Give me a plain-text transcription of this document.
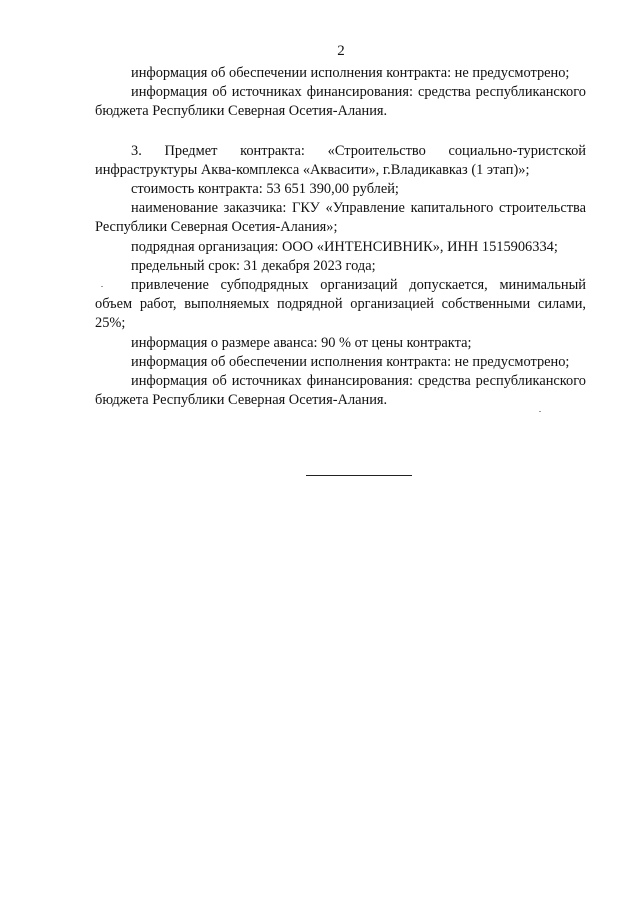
2

информация об обеспечении исполнения контракта: не предусмотрено;

информация об источниках финансирования: средства республиканского бюджета Республики Северная Осетия-Алания.

3. Предмет контракта: «Строительство социально-туристской инфраструктуры Аква-комплекса «Аквасити», г.Владикавказ (1 этап)»;

стоимость контракта: 53 651 390,00 рублей;

наименование заказчика: ГКУ «Управление капитального строительства Республики Северная Осетия-Алания»;

подрядная организация: ООО «ИНТЕНСИВНИК», ИНН 1515906334;

предельный срок: 31 декабря 2023 года;

привлечение субподрядных организаций допускается, минимальный объем работ, выполняемых подрядной организацией собственными силами, 25%;

информация о размере аванса: 90 % от цены контракта;

информация об обеспечении исполнения контракта: не предусмотрено;

информация об источниках финансирования: средства республиканского бюджета Республики Северная Осетия-Алания.
